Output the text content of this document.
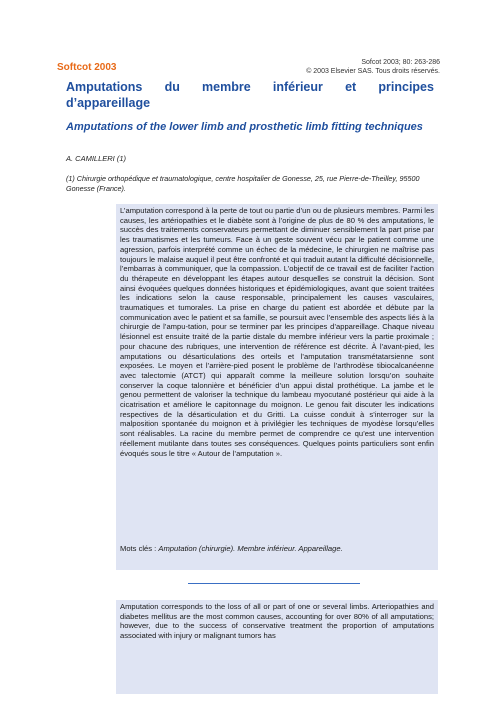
Softcot 2003	Sofcot 2003; 80: 263-286
© 2003 Elsevier SAS. Tous droits réservés.
Amputations du membre inférieur et principes
d’appareillage
Amputations of the lower limb and prosthetic limb fitting techniques
A. CAMILLERI (1)
(1) Chirurgie orthopédique et traumatologique, centre hospitalier de Gonesse, 25, rue Pierre-de-Theilley, 95500 Gonesse (France).
L’amputation correspond à la perte de tout ou partie d’un ou de plusieurs membres. Parmi les causes, les artériopathies et le diabète sont à l’origine de plus de 80 % des amputations, le succès des traitements conservateurs permettant de diminuer sensiblement la part prise par les traumatismes et les tumeurs. Face à un geste souvent vécu par le patient comme une agression, parfois interprété comme un échec de la médecine, le chirurgien ne maîtrise pas toujours le malaise auquel il peut être confronté et qui traduit autant la difficulté décisionnelle, l’embarras à communiquer, que la compassion. L’objectif de ce travail est de faciliter l’action du thérapeute en développant les étapes autour desquelles se construit la décision. Sont ainsi évoquées quelques données historiques et épidémiologiques, avant que soient traitées les indications selon la cause responsable, principalement les causes vasculaires, traumatiques et tumorales. La prise en charge du patient est abordée et débute par la communication avec le patient et sa famille, se poursuit avec l’ensemble des aspects liés à la chirurgie de l’ampu-tation, pour se terminer par les principes d’appareillage. Chaque niveau lésionnel est ensuite traité de la partie distale du membre inférieur vers la partie proximale ; pour chacune des rubriques, une intervention de référence est décrite. À l’avant-pied, les amputations ou désarticulations des orteils et l’amputation transmétatarsienne sont exposées. Le moyen et l’arrière-pied posent le problème de l’arthrodèse tibiocalcanéenne avec talectomie (ATCT) qui apparaît comme la meilleure solution lorsqu’on souhaite conserver la coque talonnière et bénéficier d’un appui distal prothétique. La jambe et le genou permettent de valoriser la technique du lambeau myocutané postérieur qui aide à la cicatrisation et améliore le capitonnage du moignon. Le genou fait discuter les indications respectives de la désarticulation et du Gritti. La cuisse conduit à s’interroger sur la malposition spontanée du moignon et à privilégier les techniques de myodèse lorsqu’elles sont réalisables. La racine du membre permet de comprendre ce qu’est une intervention réellement mutilante dans toutes ses conséquences. Quelques points particuliers sont enfin évoqués sous le titre « Autour de l’amputation ».
Mots clés : Amputation (chirurgie). Membre inférieur. Appareillage.
Amputation corresponds to the loss of all or part of one or several limbs. Arteriopathies and diabetes mellitus are the most common causes, accounting for over 80% of all amputations; however, due to the success of conservative treatment the proportion of amputations associated with injury or malignant tumors has
